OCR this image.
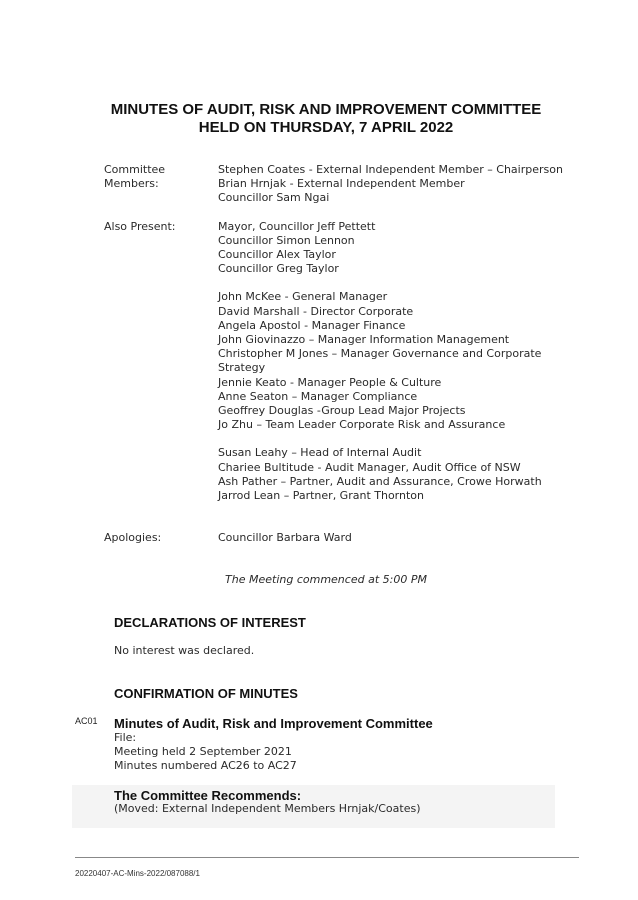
MINUTES OF AUDIT, RISK AND IMPROVEMENT COMMITTEE
HELD ON THURSDAY, 7 APRIL 2022
Committee
Members:
Stephen Coates - External Independent Member – Chairperson
Brian Hrnjak - External Independent Member
Councillor Sam Ngai
Also Present:	Mayor, Councillor Jeff Pettett
Councillor Simon Lennon
Councillor Alex Taylor
Councillor Greg Taylor
John McKee - General Manager
David Marshall - Director Corporate
Angela Apostol - Manager Finance
John Giovinazzo – Manager Information Management
Christopher M Jones – Manager Governance and Corporate
Strategy
Jennie Keato - Manager People & Culture
Anne Seaton – Manager Compliance
Geoffrey Douglas -Group Lead Major Projects
Jo Zhu – Team Leader Corporate Risk and Assurance
Susan Leahy – Head of Internal Audit
Chariee Bultitude - Audit Manager, Audit Office of NSW
Ash Pather – Partner, Audit and Assurance, Crowe Horwath
Jarrod Lean – Partner, Grant Thornton
Apologies:	Councillor Barbara Ward
The Meeting commenced at 5:00 PM
DECLARATIONS OF INTEREST
No interest was declared.
CONFIRMATION OF MINUTES
AC01 Minutes of Audit, Risk and Improvement Committee
File:
Meeting held 2 September 2021
Minutes numbered AC26 to AC27
The Committee Recommends:
(Moved: External Independent Members Hrnjak/Coates)
20220407-AC-Mins-2022/087088/1
